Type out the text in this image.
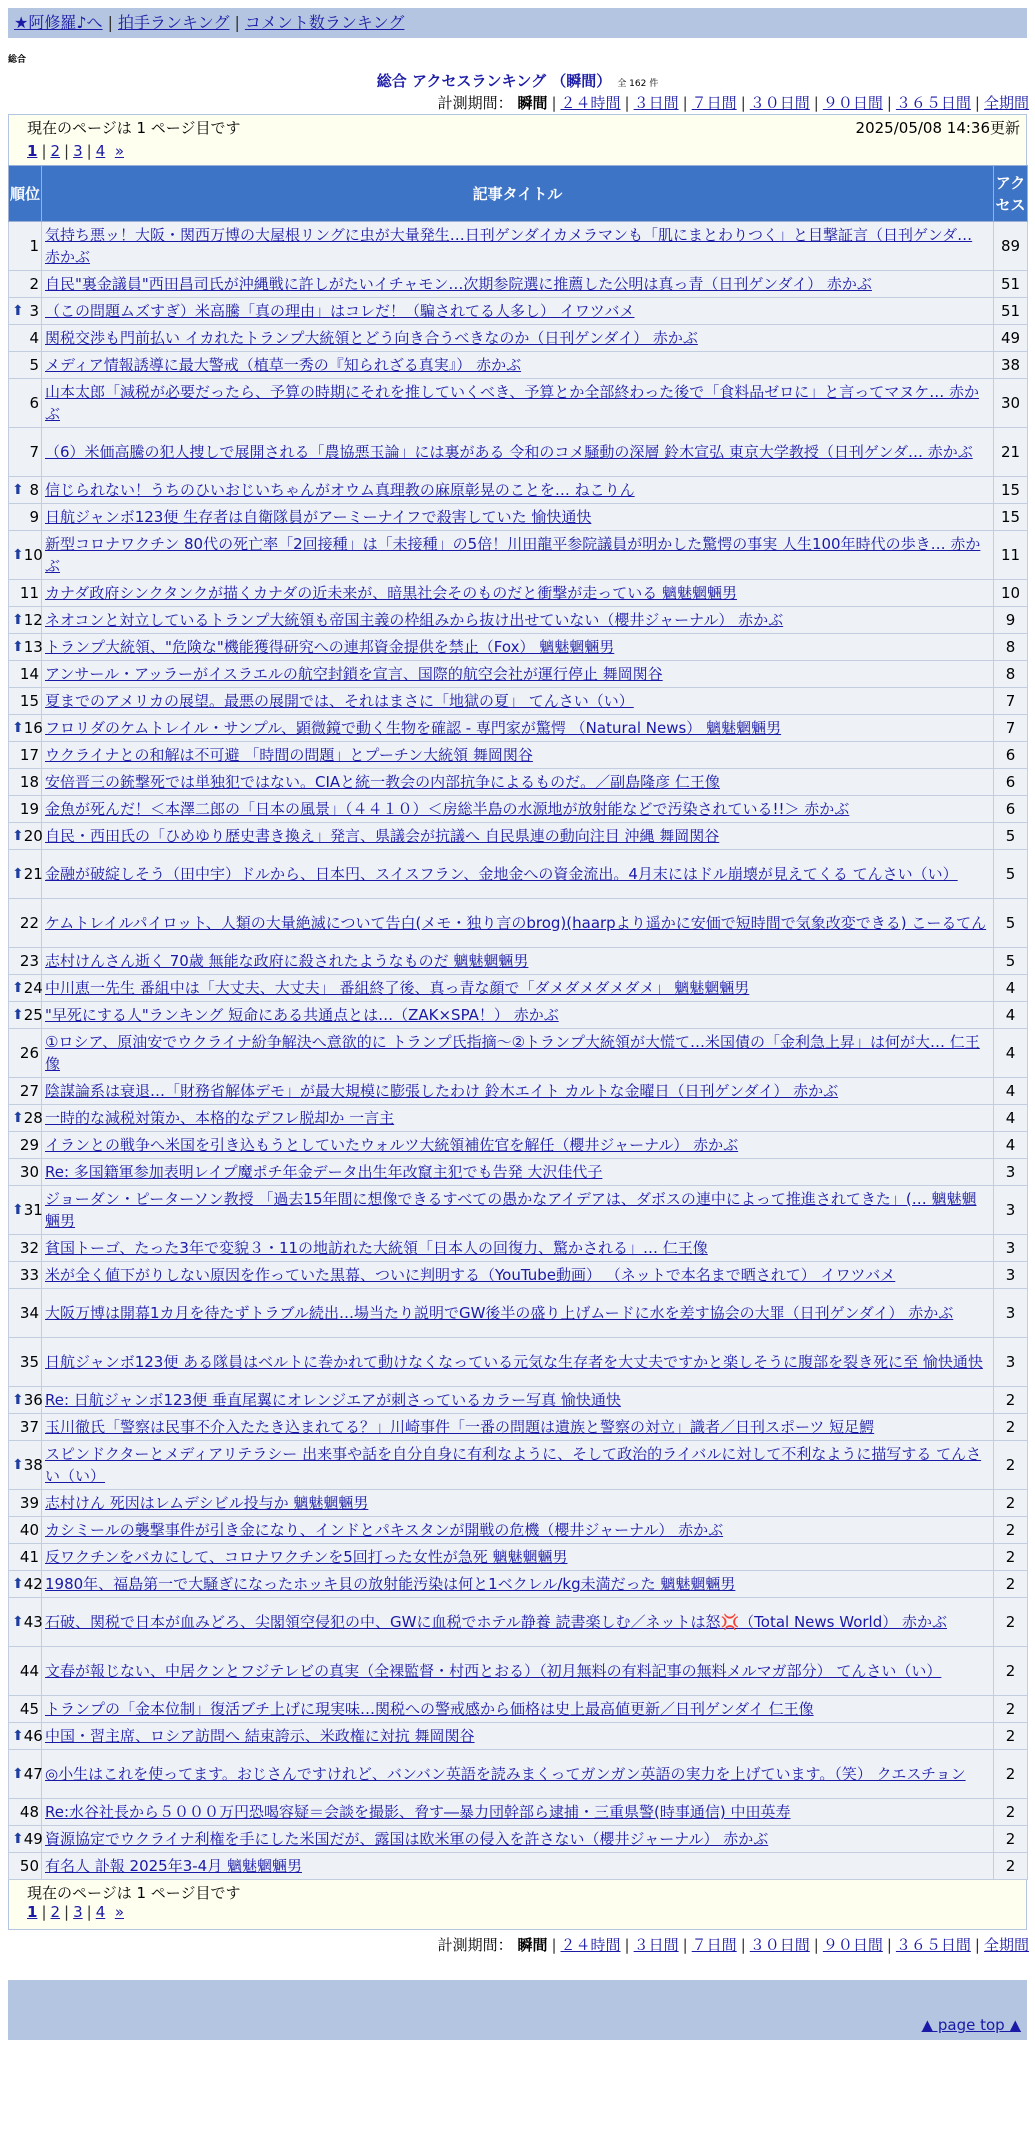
★阿修羅♪へ | 拍手ランキング | コメント数ランキング
総合
総合 アクセスランキング （瞬間） 全 162 件
計測期間： 瞬間 | ２４時間 | ３日間 | ７日間 | ３０日間 | ９０日間 | ３６５日間 | 全期間
現在のページは 1 ページ目です	2025/05/08 14:36更新
1 | 2 | 3 | 4 »
順位	記事タイトル	アクセス
1	気持ち悪ッ！大阪・関西万博の大屋根リングに虫が大量発生…日刊ゲンダイカメラマンも「肌にまとわりつく」と目撃証言（日刊ゲンダ… 赤かぶ	89
2	自民"裏金議員"西田昌司氏が沖縄戦に許しがたいイチャモン…次期参院選に推薦した公明は真っ青（日刊ゲンダイ） 赤かぶ	51

⬆ 3	（この問題ムズすぎ）米高騰「真の理由」はコレだ！（騙されてる人多し） イワツバメ	51
4	関税交渉も門前払い イカれたトランプ大統領とどう向き合うべきなのか（日刊ゲンダイ） 赤かぶ	49
5	メディア情報誘導に最大警戒（植草一秀の『知られざる真実』） 赤かぶ	38
6	山本太郎「減税が必要だったら、予算の時期にそれを推していくべき、予算とか全部終わった後で「食料品ゼロに」と言ってマヌケ… 赤かぶ	30
7	（6）米価高騰の犯人捜しで展開される「農協悪玉論」には裏がある 令和のコメ騒動の深層 鈴木宣弘 東京大学教授（日刊ゲンダ… 赤かぶ	21

⬆ 8	信じられない！うちのひいおじいちゃんがオウム真理教の麻原彰晃のことを… ねこりん	15
9	日航ジャンボ123便 生存者は自衛隊員がアーミーナイフで殺害していた 愉快通快	15

⬆ 10	新型コロナワクチン 80代の死亡率「2回接種」は「未接種」の5倍！川田龍平参院議員が明かした驚愕の事実 人生100年時代の歩き… 赤かぶ	11
11	カナダ政府シンクタンクが描くカナダの近未来が、暗黒社会そのものだと衝撃が走っている 魑魅魍魎男	10

⬆ 12	ネオコンと対立しているトランプ大統領も帝国主義の枠組みから抜け出せていない（櫻井ジャーナル） 赤かぶ	9

⬆ 13	トランプ大統領、"危険な"機能獲得研究への連邦資金提供を禁止（Fox） 魑魅魍魎男	8
14	アンサール・アッラーがイスラエルの航空封鎖を宣言、国際的航空会社が運行停止 舞岡関谷	8
15	夏までのアメリカの展望。最悪の展開では、それはまさに「地獄の夏」 てんさい（い）	7

⬆ 16	フロリダのケムトレイル・サンプル、顕微鏡で動く生物を確認 - 専門家が驚愕 （Natural News） 魑魅魍魎男	7
17	ウクライナとの和解は不可避 「時間の問題」とプーチン大統領 舞岡関谷	6
18	安倍晋三の銃撃死では単独犯ではない。CIAと統一教会の内部抗争によるものだ。／副島隆彦 仁王像	6
19	金魚が死んだ！＜本澤二郎の「日本の風景」（４４１０）＜房総半島の水源地が放射能などで汚染されている!!＞ 赤かぶ	6

⬆ 20	自民・西田氏の「ひめゆり歴史書き換え」発言、県議会が抗議へ 自民県連の動向注目 沖縄 舞岡関谷	5

⬆ 21	金融が破綻しそう（田中宇）ドルから、日本円、スイスフラン、金地金への資金流出。4月末にはドル崩壊が見えてくる てんさい（い）	5
22	ケムトレイルパイロット、人類の大量絶滅について告白(メモ・独り言のbrog)(haarpより遥かに安価で短時間で気象改変できる) こーるてん	5
23	志村けんさん逝く 70歳 無能な政府に殺されたようなものだ 魑魅魍魎男	5

⬆ 24	中川恵一先生 番組中は「大丈夫、大丈夫」 番組終了後、真っ青な顔で「ダメダメダメダメ」 魑魅魍魎男	4

⬆ 25	"早死にする人"ランキング 短命にある共通点とは…（ZAK×SPA！） 赤かぶ	4
26	①ロシア、原油安でウクライナ紛争解決へ意欲的に トランプ氏指摘～②トランプ大統領が大慌て…米国債の「金利急上昇」は何が大… 仁王像	4
27	陰謀論系は衰退…「財務省解体デモ」が最大規模に膨張したわけ 鈴木エイト カルトな金曜日（日刊ゲンダイ） 赤かぶ	4

⬆ 28	一時的な減税対策か、本格的なデフレ脱却か 一言主	4
29	イランとの戦争へ米国を引き込もうとしていたウォルツ大統領補佐官を解任（櫻井ジャーナル） 赤かぶ	4
30	Re: 多国籍軍参加表明レイプ魔ポチ年金データ出生年改竄主犯でも告発 大沢佳代子	3

⬆ 31	ジョーダン・ピーターソン教授 「過去15年間に想像できるすべての愚かなアイデアは、ダボスの連中によって推進されてきた」(… 魑魅魍魎男	3
32	貧国トーゴ、たった3年で変貌３・11の地訪れた大統領「日本人の回復力、驚かされる」… 仁王像	3
33	米が全く値下がりしない原因を作っていた黒幕、ついに判明する（YouTube動画） （ネットで本名まで晒されて） イワツバメ	3
34	大阪万博は開幕1カ月を待たずトラブル続出…場当たり説明でGW後半の盛り上げムードに水を差す協会の大罪（日刊ゲンダイ） 赤かぶ	3
35	日航ジャンボ123便 ある隊員はベルトに巻かれて動けなくなっている元気な生存者を大丈夫ですかと楽しそうに腹部を裂き死に至 愉快通快	3

⬆ 36	Re: 日航ジャンボ123便 垂直尾翼にオレンジエアが刺さっているカラー写真 愉快通快	2
37	玉川徹氏「警察は民事不介入たたき込まれてる？」川崎事件「一番の問題は遺族と警察の対立」識者／日刊スポーツ 短足鰐	2

⬆ 38	スピンドクターとメディアリテラシー 出来事や話を自分自身に有利なように、そして政治的ライバルに対して不利なように描写する てんさい（い）	2
39	志村けん 死因はレムデシビル投与か 魑魅魍魎男	2
40	カシミールの襲撃事件が引き金になり、インドとパキスタンが開戦の危機（櫻井ジャーナル） 赤かぶ	2
41	反ワクチンをバカにして、コロナワクチンを5回打った女性が急死 魑魅魍魎男	2

⬆ 42	1980年、福島第一で大騒ぎになったホッキ貝の放射能汚染は何と1ベクレル/kg未満だった 魑魅魍魎男	2

⬆ 43	石破、関税で日本が血みどろ、尖閣領空侵犯の中、GWに血税でホテル静養 読書楽しむ／ネットは怒💢（Total News World） 赤かぶ	2
44	文春が報じない、中居クンとフジテレビの真実（全裸監督・村西とおる）（初月無料の有料記事の無料メルマガ部分） てんさい（い）	2
45	トランプの「金本位制」復活ブチ上げに現実味…関税への警戒感から価格は史上最高値更新／日刊ゲンダイ 仁王像	2

⬆ 46	中国・習主席、ロシア訪問へ 結束誇示、米政権に対抗 舞岡関谷	2

⬆ 47	◎小生はこれを使ってます。おじさんですけれど、バンバン英語を読みまくってガンガン英語の実力を上げています。（笑） クエスチョン	2
48	Re:水谷社長から５０００万円恐喝容疑＝会談を撮影、脅す―暴力団幹部ら逮捕・三重県警(時事通信) 中田英寿	2

⬆ 49	資源協定でウクライナ利権を手にした米国だが、露国は欧米軍の侵入を許さない（櫻井ジャーナル） 赤かぶ	2
50	有名人 訃報 2025年3-4月 魑魅魍魎男	2
現在のページは 1 ページ目です
1 | 2 | 3 | 4 »
計測期間： 瞬間 | ２４時間 | ３日間 | ７日間 | ３０日間 | ９０日間 | ３６５日間 | 全期間
▲ page top ▲
